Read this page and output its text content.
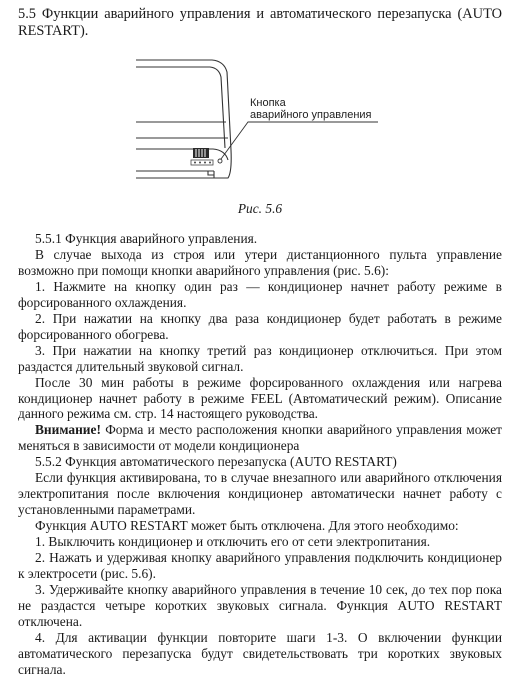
5.5 Функции аварийного управления и автоматического перезапуска (AUTO RESTART).
Кнопка
аварийного управления
Рис. 5.6

5.5.1 Функция аварийного управления.

В случае выхода из строя или утери дистанционного пульта управление возможно при помощи кнопки аварийного управления (рис. 5.6):

1. Нажмите на кнопку один раз — кондиционер начнет работу режиме в форсированного охлаждения.

2. При нажатии на кнопку два раза кондиционер будет работать в режиме форсированного обогрева.

3. При нажатии на кнопку третий раз кондиционер отключиться. При этом раздастся длительный звуковой сигнал.

После 30 мин работы в режиме форсированного охлаждения или нагрева кондиционер начнет работу в режиме FEEL (Автоматический режим). Описание данного режима см. стр. 14 настоящего руководства.

Внимание! Форма и место расположения кнопки аварийного управления может меняться в зависимости от модели кондиционера

5.5.2 Функция автоматического перезапуска (AUTO RESTART)

Если функция активирована, то в случае внезапного или аварийного отключения электропитания после включения кондиционер автоматически начнет работу с установленными параметрами.

Функция AUTO RESTART может быть отключена. Для этого необходимо:

1. Выключить кондиционер и отключить его от сети электропитания.

2. Нажать и удерживая кнопку аварийного управления подключить кондиционер к электросети (рис. 5.6).

3. Удерживайте кнопку аварийного управления в течение 10 сек, до тех пор пока не раздастся четыре коротких звуковых сигнала. Функция AUTO RESTART отключена.

4. Для активации функции повторите шаги 1-3. О включении функции автоматического перезапуска будут свидетельствовать три коротких звуковых сигнала.
